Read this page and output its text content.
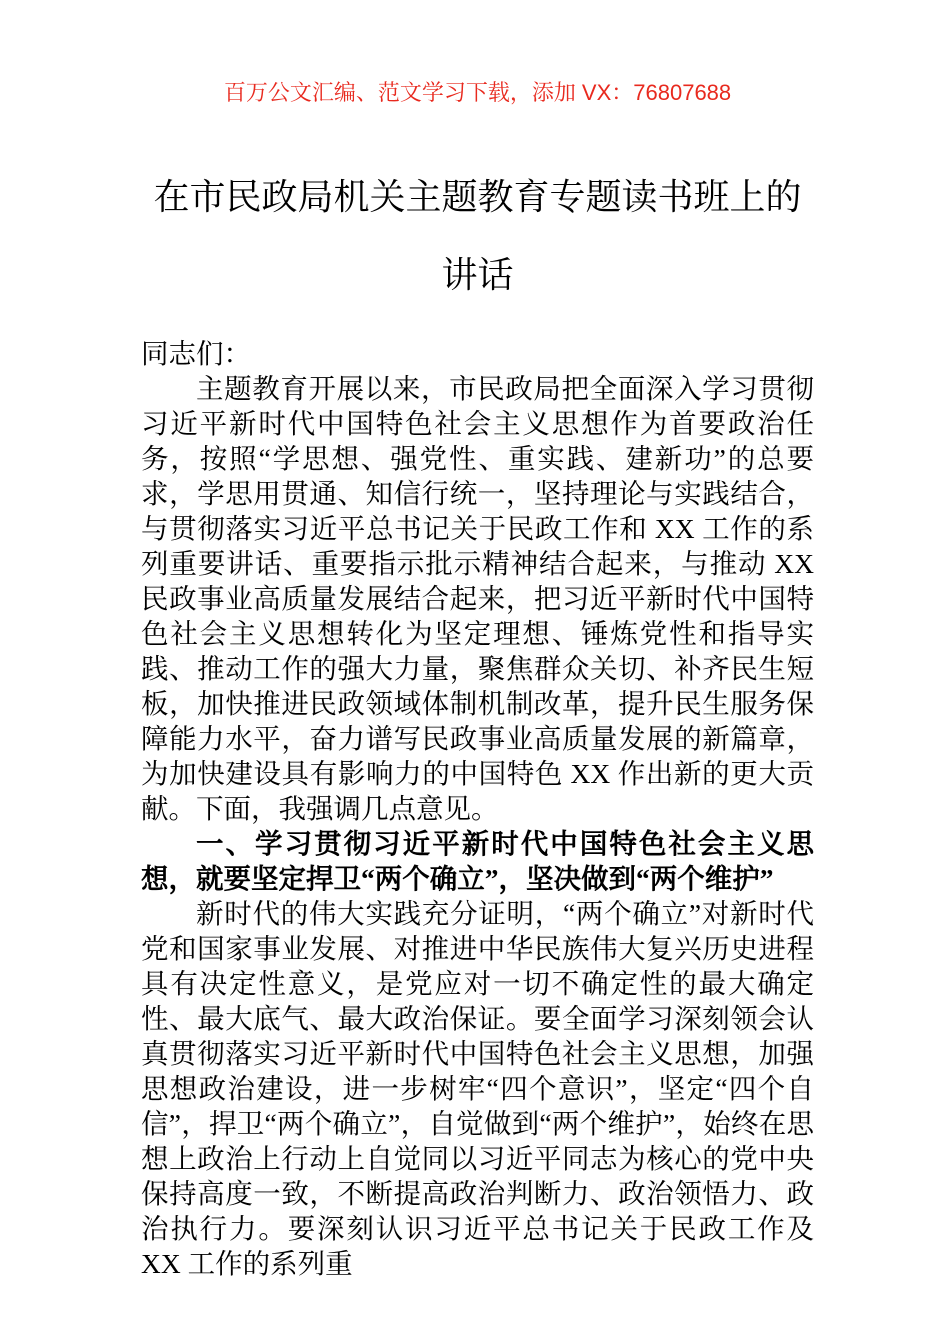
百万公文汇编、范文学习下载，添加 VX：76807688
在市民政局机关主题教育专题读书班上的讲话

同志们：

主题教育开展以来，市民政局把全面深入学习贯彻习近平新时代中国特色社会主义思想作为首要政治任务，按照“学思想、强党性、重实践、建新功”的总要求，学思用贯通、知信行统一，坚持理论与实践结合，与贯彻落实习近平总书记关于民政工作和 XX 工作的系列重要讲话、重要指示批示精神结合起来，与推动 XX 民政事业高质量发展结合起来，把习近平新时代中国特色社会主义思想转化为坚定理想、锤炼党性和指导实践、推动工作的强大力量，聚焦群众关切、补齐民生短板，加快推进民政领域体制机制改革，提升民生服务保障能力水平，奋力谱写民政事业高质量发展的新篇章，为加快建设具有影响力的中国特色 XX 作出新的更大贡献。下面，我强调几点意见。

一、学习贯彻习近平新时代中国特色社会主义思想，就要坚定捍卫“两个确立”，坚决做到“两个维护”

新时代的伟大实践充分证明，“两个确立”对新时代党和国家事业发展、对推进中华民族伟大复兴历史进程具有决定性意义，是党应对一切不确定性的最大确定性、最大底气、最大政治保证。要全面学习深刻领会认真贯彻落实习近平新时代中国特色社会主义思想，加强思想政治建设，进一步树牢“四个意识”，坚定“四个自信”，捍卫“两个确立”，自觉做到“两个维护”，始终在思想上政治上行动上自觉同以习近平同志为核心的党中央保持高度一致，不断提高政治判断力、政治领悟力、政治执行力。要深刻认识习近平总书记关于民政工作及 XX 工作的系列重
